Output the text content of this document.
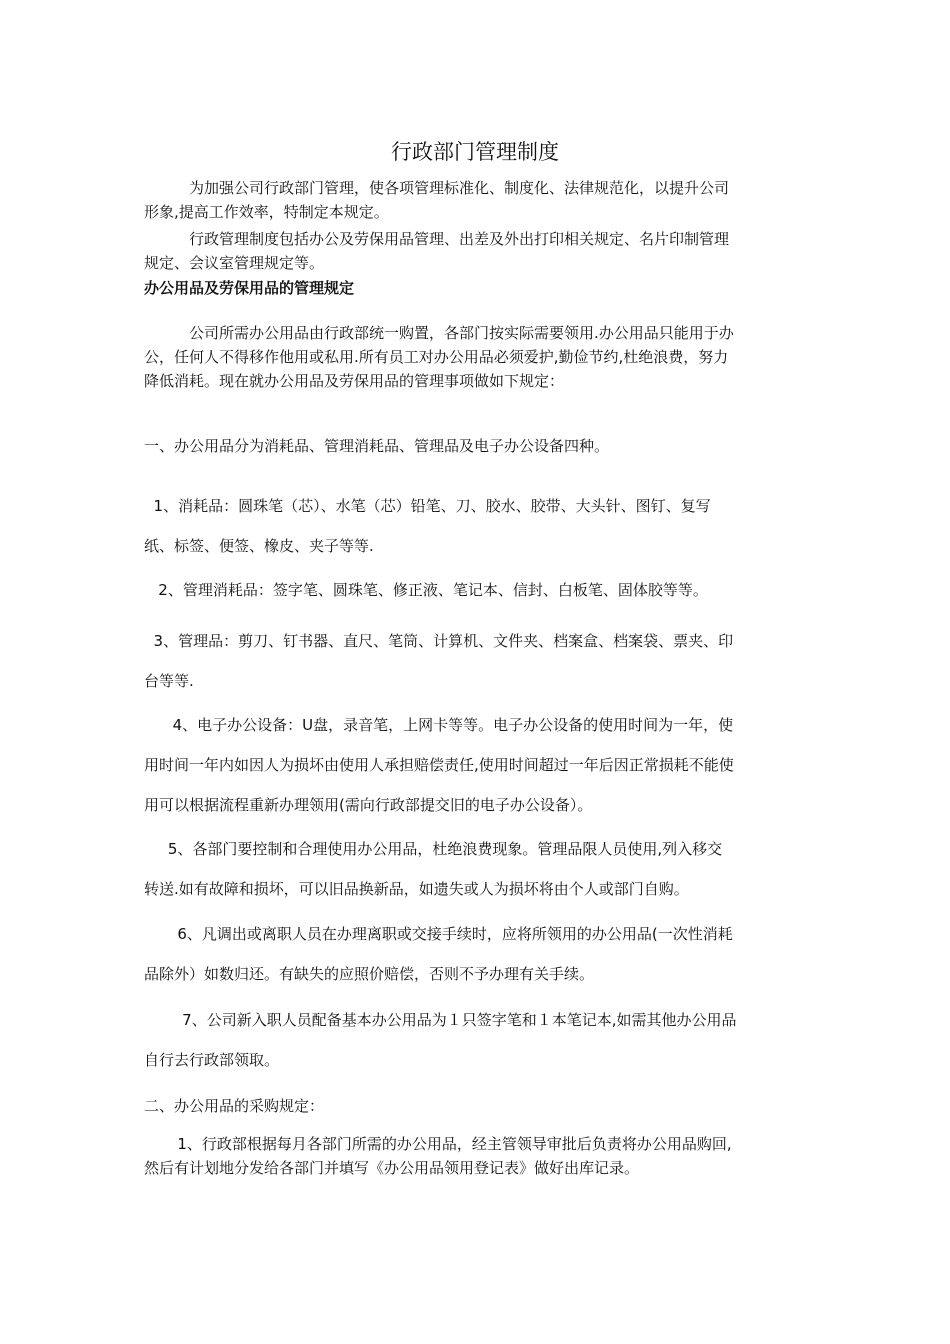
行政部门管理制度

　　　为加强公司行政部门管理，使各项管理标准化、制度化、法律规范化，以提升公司
形象,提高工作效率，特制定本规定。

　　　行政管理制度包括办公及劳保用品管理、出差及外出打印相关规定、名片印制管理
规定、会议室管理规定等。

办公用品及劳保用品的管理规定

　　　公司所需办公用品由行政部统一购置，各部门按实际需要领用.办公用品只能用于办
公，任何人不得移作他用或私用.所有员工对办公用品必须爱护,勤俭节约,杜绝浪费，努力
降低消耗。现在就办公用品及劳保用品的管理事项做如下规定：

一、办公用品分为消耗品、管理消耗品、管理品及电子办公设备四种。

1、消耗品：圆珠笔（芯）、水笔（芯）铅笔、刀、胶水、胶带、大头针、图钉、复写
纸、标签、便签、橡皮、夹子等等.

2、管理消耗品：签字笔、圆珠笔、修正液、笔记本、信封、白板笔、固体胶等等。

3、管理品：剪刀、钉书器、直尺、笔筒、计算机、文件夹、档案盒、档案袋、票夹、印
台等等.

4、电子办公设备：U盘，录音笔，上网卡等等。电子办公设备的使用时间为一年，使
用时间一年内如因人为损坏由使用人承担赔偿责任,使用时间超过一年后因正常损耗不能使
用可以根据流程重新办理领用(需向行政部提交旧的电子办公设备）。

5、各部门要控制和合理使用办公用品，杜绝浪费现象。管理品限人员使用,列入移交
转送.如有故障和损坏，可以旧品换新品，如遗失或人为损坏将由个人或部门自购。

6、凡调出或离职人员在办理离职或交接手续时，应将所领用的办公用品(一次性消耗
品除外）如数归还。有缺失的应照价赔偿，否则不予办理有关手续。

7、公司新入职人员配备基本办公用品为１只签字笔和１本笔记本,如需其他办公用品
自行去行政部领取。

二、办公用品的采购规定：

1、行政部根据每月各部门所需的办公用品，经主管领导审批后负责将办公用品购回,
然后有计划地分发给各部门并填写《办公用品领用登记表》做好出库记录。
